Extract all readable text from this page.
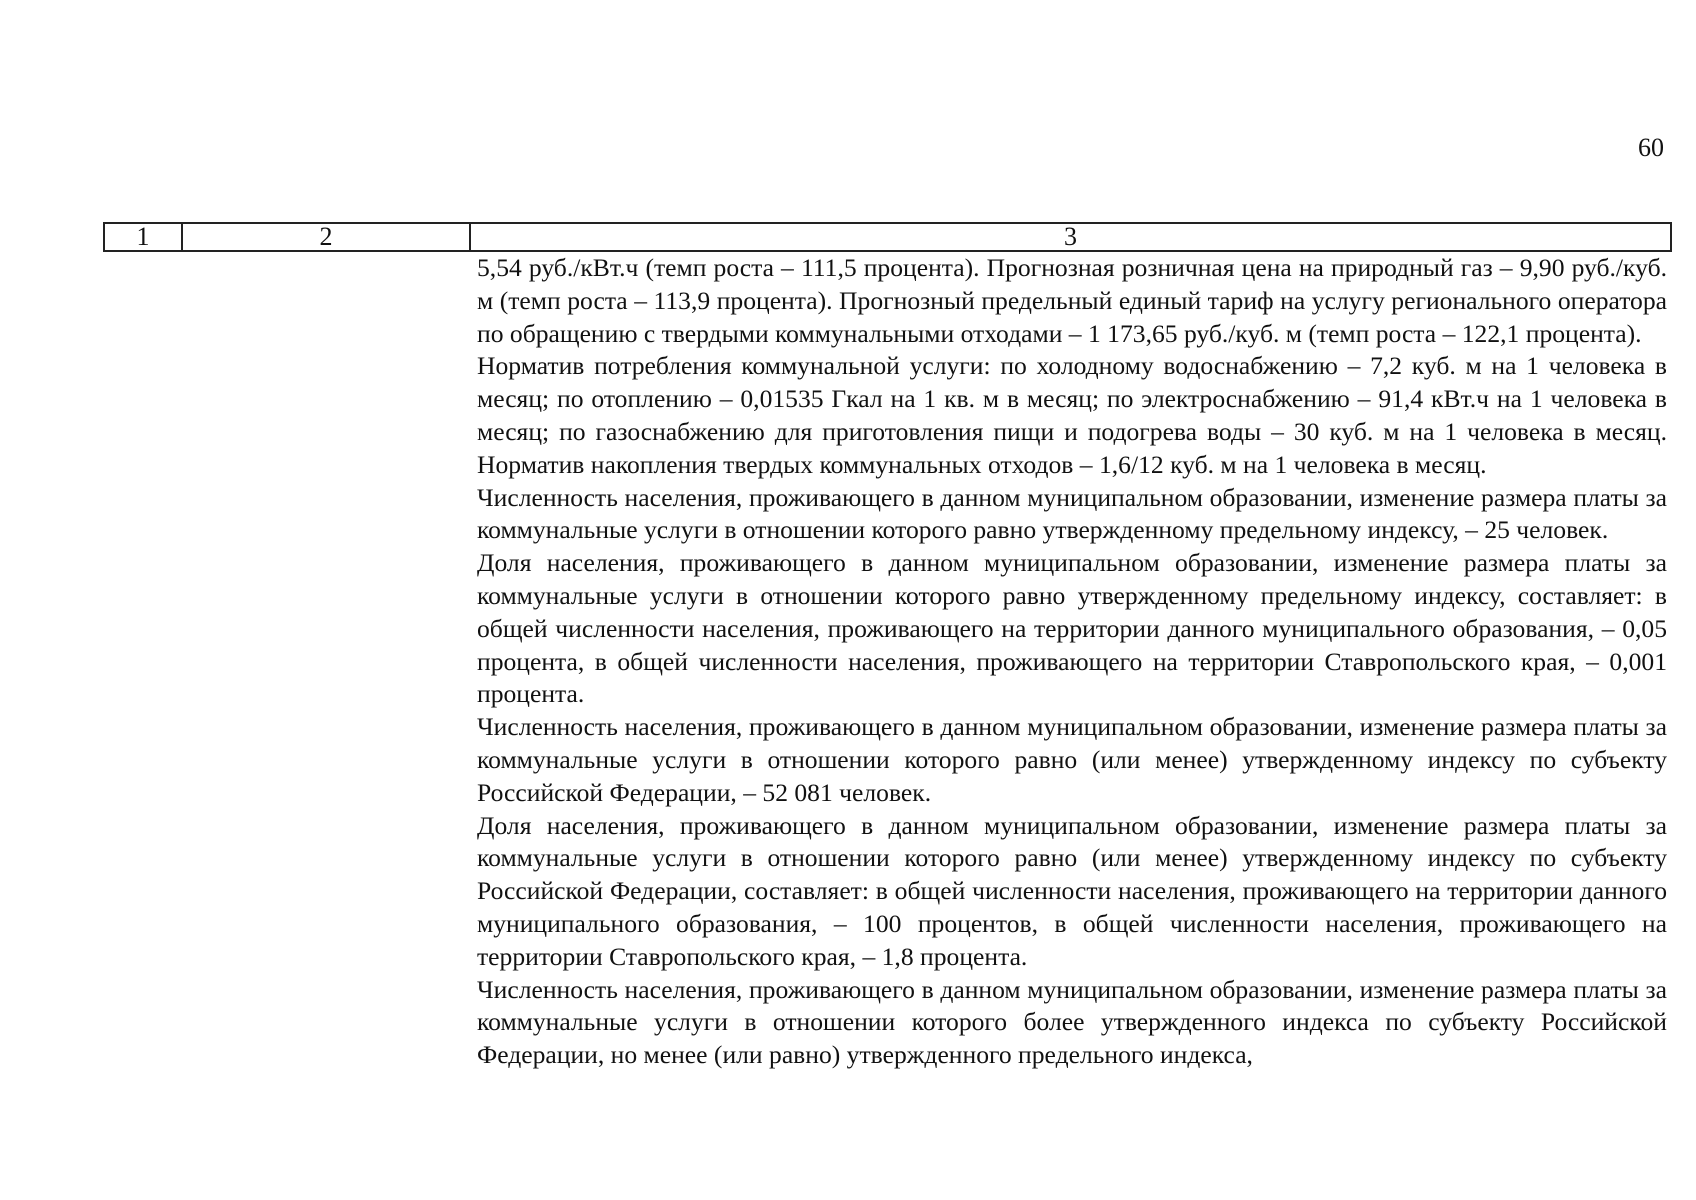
60
1	2	3

5,54 руб./кВт.ч (темп роста – 111,5 процента). Прогнозная розничная цена на природный газ – 9,90 руб./куб. м (темп роста – 113,9 процента). Прогнозный предельный единый тариф на услугу регионального оператора по обращению с твердыми коммунальными отходами – 1 173,65 руб./куб. м (темп роста – 122,1 процента).

Норматив потребления коммунальной услуги: по холодному водоснабжению – 7,2 куб. м на 1 человека в месяц; по отоплению – 0,01535 Гкал на 1 кв. м в месяц; по электроснабжению – 91,4 кВт.ч на 1 человека в месяц; по газоснабжению для приготовления пищи и подогрева воды – 30 куб. м на 1 человека в месяц. Норматив накопления твердых коммунальных отходов – 1,6/12 куб. м на 1 человека в месяц.

Численность населения, проживающего в данном муниципальном образовании, изменение размера платы за коммунальные услуги в отношении которого равно утвержденному предельному индексу, – 25 человек.

Доля населения, проживающего в данном муниципальном образовании, изменение размера платы за коммунальные услуги в отношении которого равно утвержденному предельному индексу, составляет: в общей численности населения, проживающего на территории данного муниципального образования, – 0,05 процента, в общей численности населения, проживающего на территории Ставропольского края, – 0,001 процента.

Численность населения, проживающего в данном муниципальном образовании, изменение размера платы за коммунальные услуги в отношении которого равно (или менее) утвержденному индексу по субъекту Российской Федерации, – 52 081 человек.

Доля населения, проживающего в данном муниципальном образовании, изменение размера платы за коммунальные услуги в отношении которого равно (или менее) утвержденному индексу по субъекту Российской Федерации, составляет: в общей численности населения, проживающего на территории данного муниципального образования, – 100 процентов, в общей численности населения, проживающего на территории Ставропольского края, – 1,8 процента.

Численность населения, проживающего в данном муниципальном образовании, изменение размера платы за коммунальные услуги в отношении которого более утвержденного индекса по субъекту Российской Федерации, но менее (или равно) утвержденного предельного индекса,
